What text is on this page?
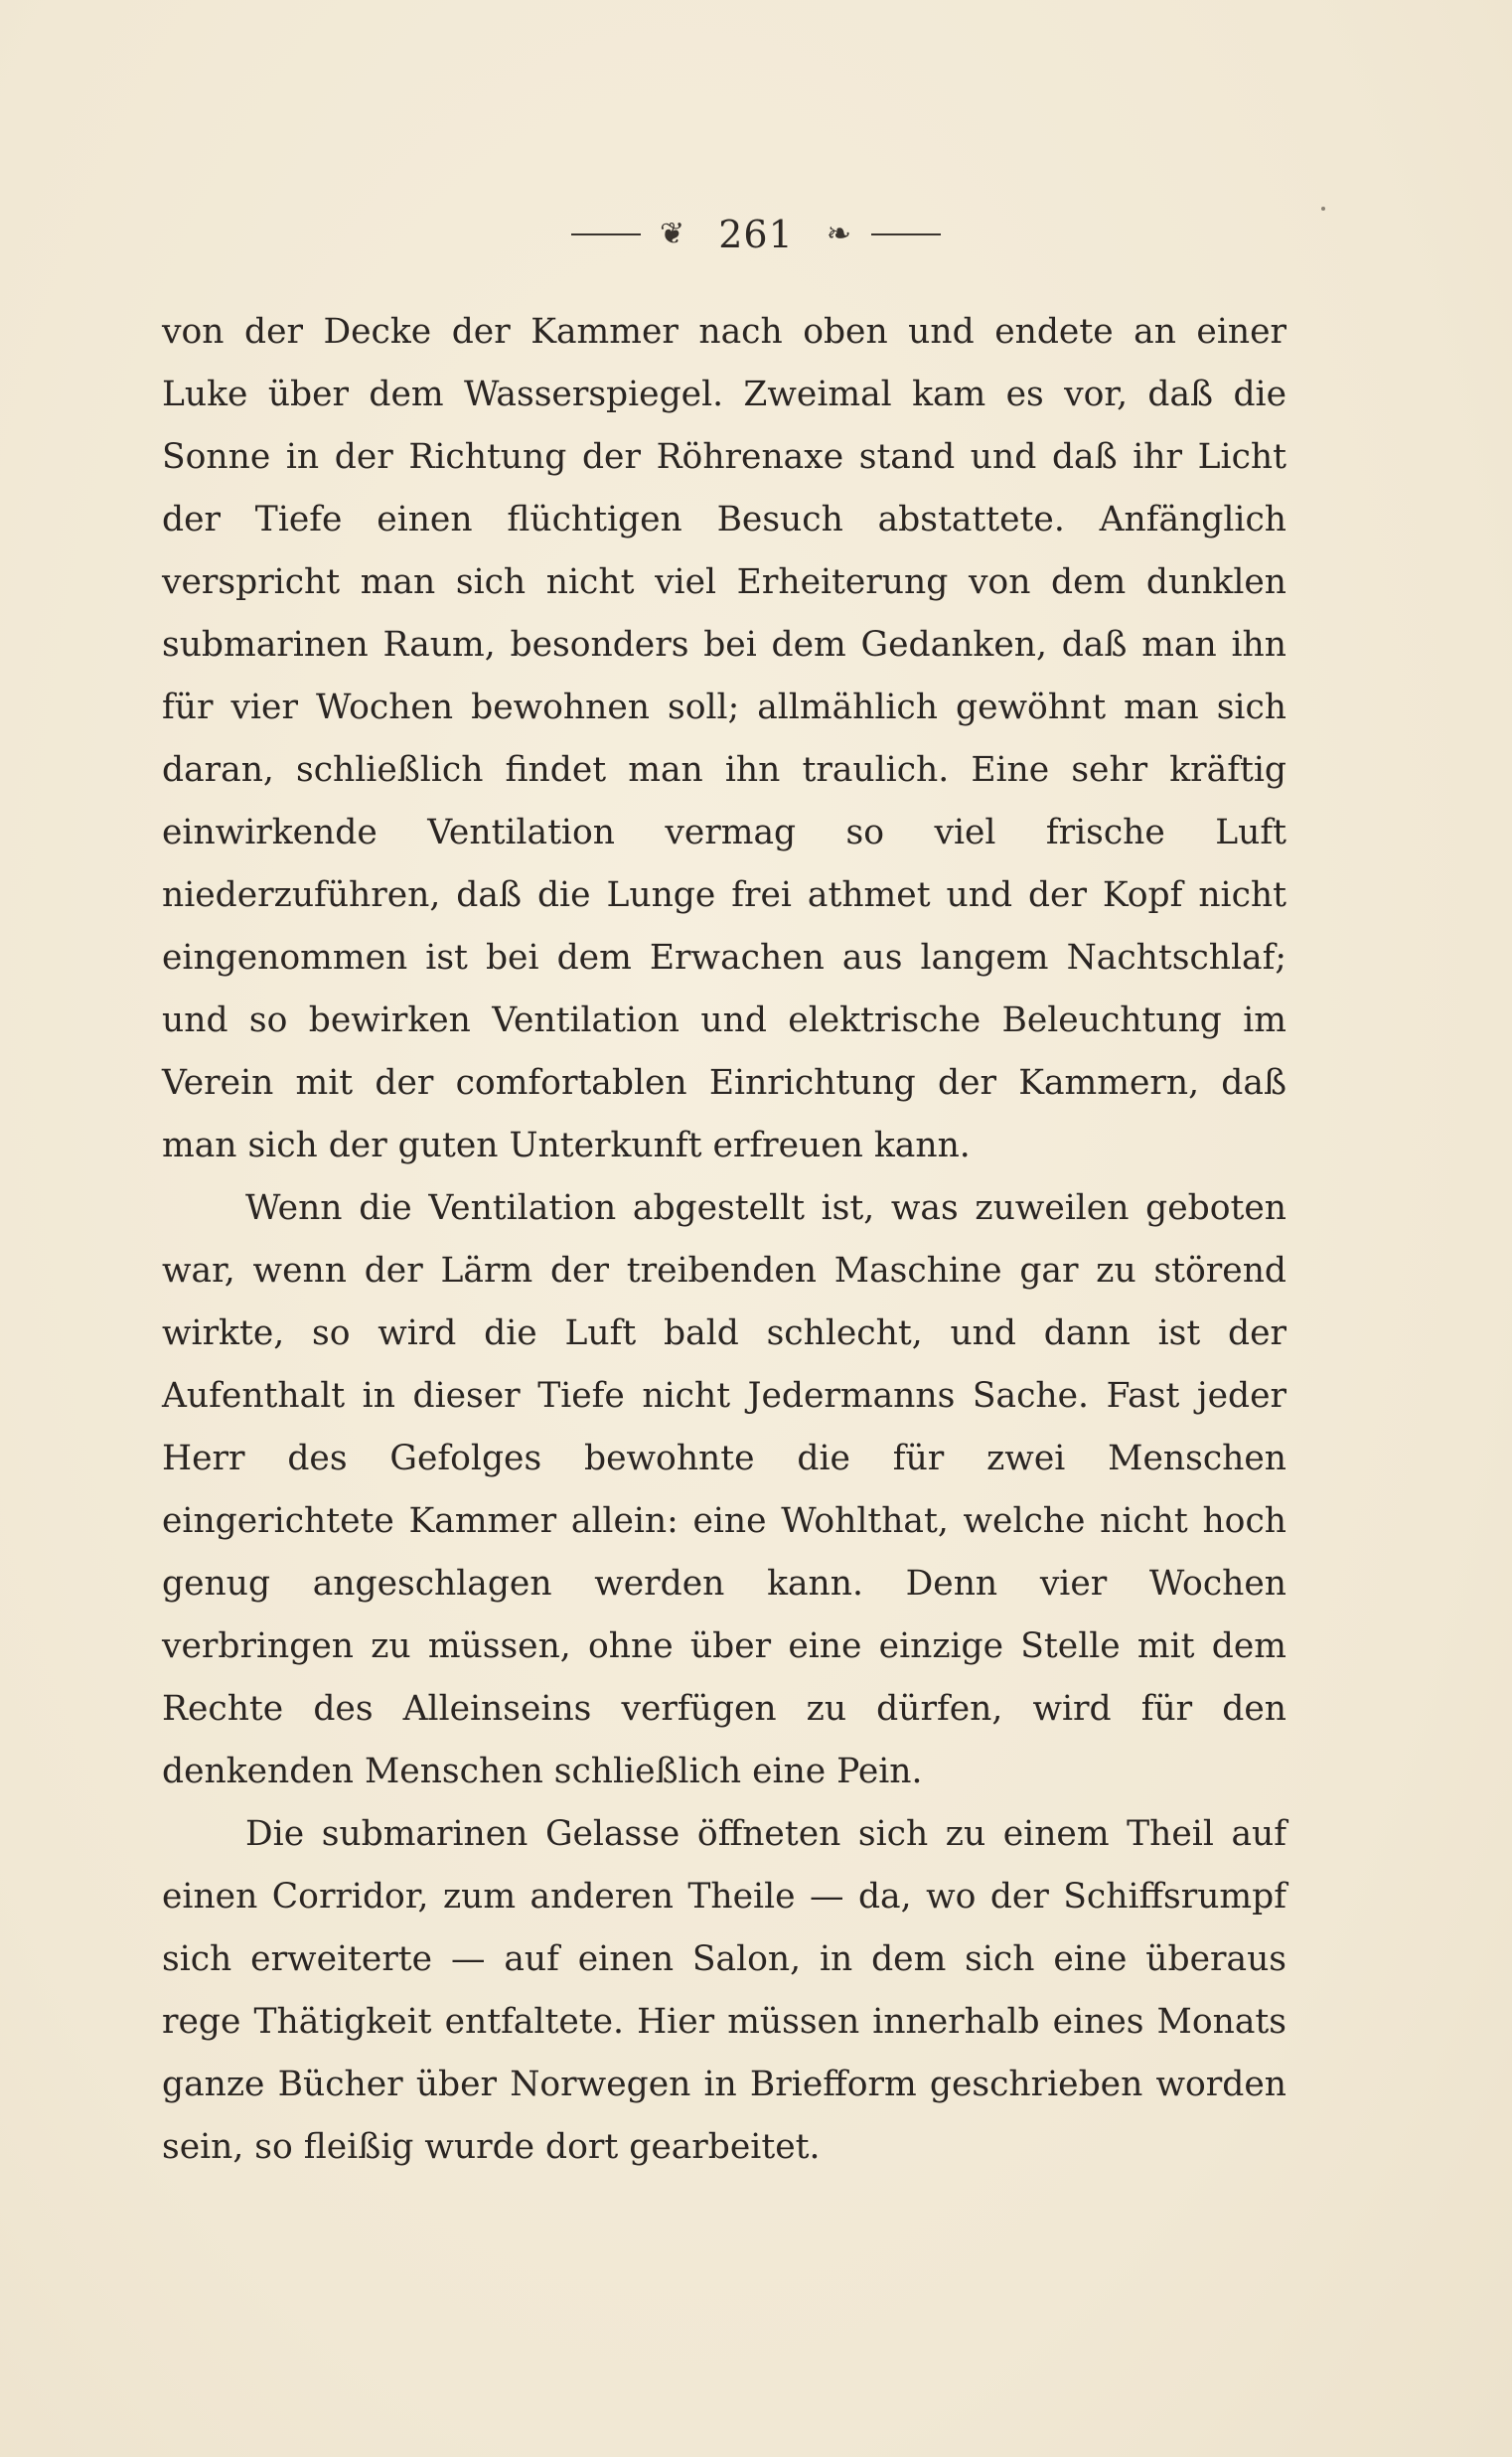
❦ 261 ❧

von der Decke der Kammer nach oben und endete an einer Luke über dem Wasserspiegel. Zweimal kam es vor, daß die Sonne in der Richtung der Röhrenaxe stand und daß ihr Licht der Tiefe einen flüchtigen Besuch abstattete. Anfänglich verspricht man sich nicht viel Erheiterung von dem dunklen submarinen Raum, besonders bei dem Gedanken, daß man ihn für vier Wochen bewohnen soll; allmählich gewöhnt man sich daran, schließlich findet man ihn traulich. Eine sehr kräftig einwirkende Ventilation vermag so viel frische Luft niederzuführen, daß die Lunge frei athmet und der Kopf nicht eingenommen ist bei dem Erwachen aus langem Nachtschlaf; und so bewirken Ventilation und elektrische Beleuchtung im Verein mit der comfortablen Einrichtung der Kammern, daß man sich der guten Unterkunft erfreuen kann.

Wenn die Ventilation abgestellt ist, was zuweilen geboten war, wenn der Lärm der treibenden Maschine gar zu störend wirkte, so wird die Luft bald schlecht, und dann ist der Aufenthalt in dieser Tiefe nicht Jedermanns Sache. Fast jeder Herr des Gefolges bewohnte die für zwei Menschen eingerichtete Kammer allein: eine Wohlthat, welche nicht hoch genug angeschlagen werden kann. Denn vier Wochen verbringen zu müssen, ohne über eine einzige Stelle mit dem Rechte des Alleinseins verfügen zu dürfen, wird für den denkenden Menschen schließlich eine Pein.

Die submarinen Gelasse öffneten sich zu einem Theil auf einen Corridor, zum anderen Theile — da, wo der Schiffsrumpf sich erweiterte — auf einen Salon, in dem sich eine überaus rege Thätigkeit entfaltete. Hier müssen innerhalb eines Monats ganze Bücher über Norwegen in Briefform geschrieben worden sein, so fleißig wurde dort gearbeitet.
